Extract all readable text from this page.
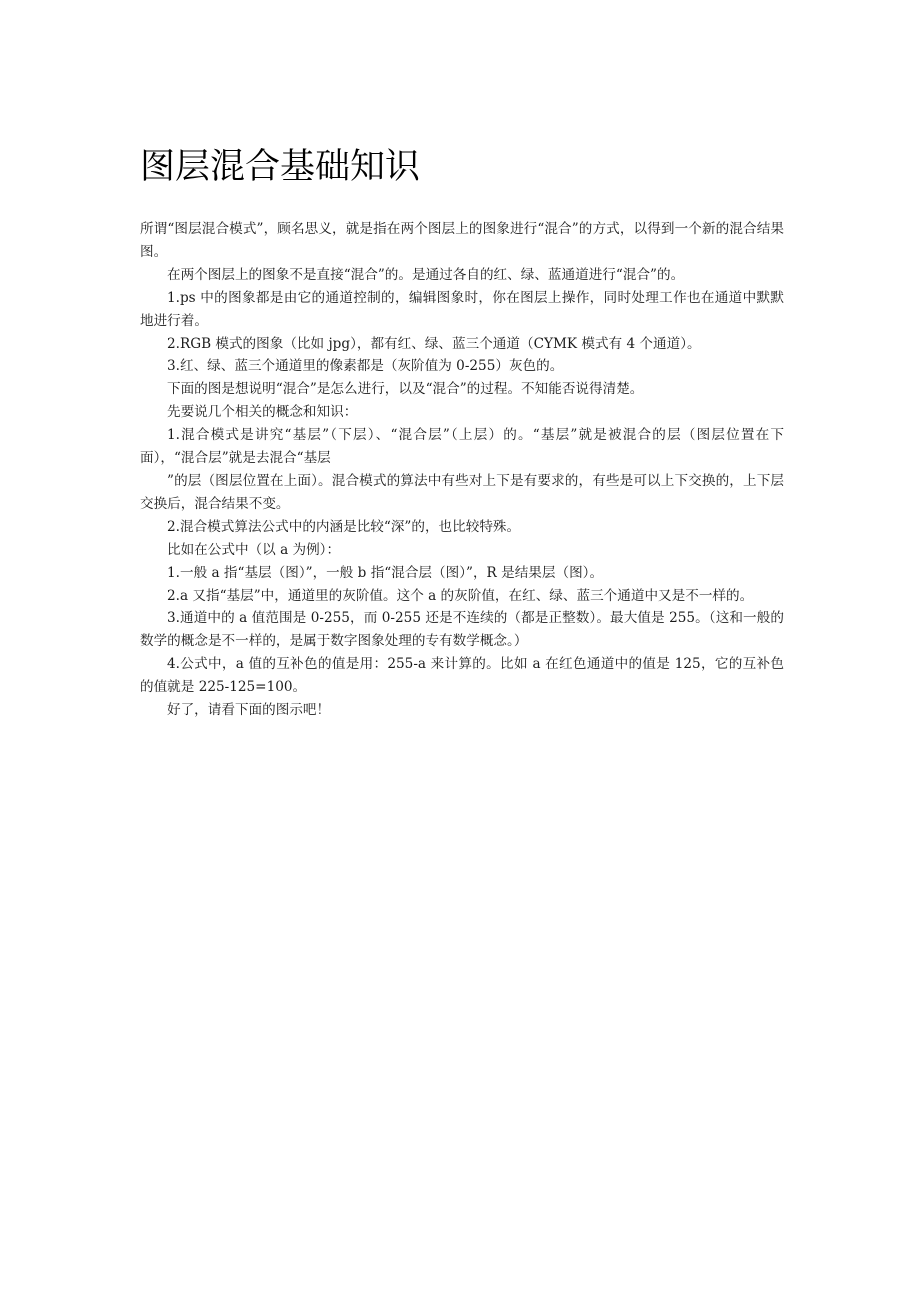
图层混合基础知识

所谓“图层混合模式”，顾名思义，就是指在两个图层上的图象进行“混合”的方式，以得到一个新的混合结果图。

在两个图层上的图象不是直接“混合”的。是通过各自的红、绿、蓝通道进行“混合”的。

1.ps 中的图象都是由它的通道控制的，编辑图象时，你在图层上操作，同时处理工作也在通道中默默地进行着。

2.RGB 模式的图象（比如 jpg），都有红、绿、蓝三个通道（CYMK 模式有 4 个通道）。

3.红、绿、蓝三个通道里的像素都是（灰阶值为 0-255）灰色的。

下面的图是想说明“混合”是怎么进行，以及“混合”的过程。不知能否说得清楚。

先要说几个相关的概念和知识：

1.混合模式是讲究“基层”（下层）、“混合层”（上层）的。“基层”就是被混合的层（图层位置在下面），“混合层”就是去混合“基层

”的层（图层位置在上面）。混合模式的算法中有些对上下是有要求的，有些是可以上下交换的，上下层交换后，混合结果不变。

2.混合模式算法公式中的内涵是比较“深”的，也比较特殊。

比如在公式中（以 a 为例）：

1.一般 a 指“基层（图）”，一般 b 指“混合层（图）”，R 是结果层（图）。

2.a 又指“基层”中，通道里的灰阶值。这个 a 的灰阶值，在红、绿、蓝三个通道中又是不一样的。

3.通道中的 a 值范围是 0-255，而 0-255 还是不连续的（都是正整数）。最大值是 255。（这和一般的数学的概念是不一样的，是属于数字图象处理的专有数学概念。）

4.公式中，a 值的互补色的值是用：255-a 来计算的。比如 a 在红色通道中的值是 125，它的互补色的值就是 225-125=100。

好了，请看下面的图示吧！
